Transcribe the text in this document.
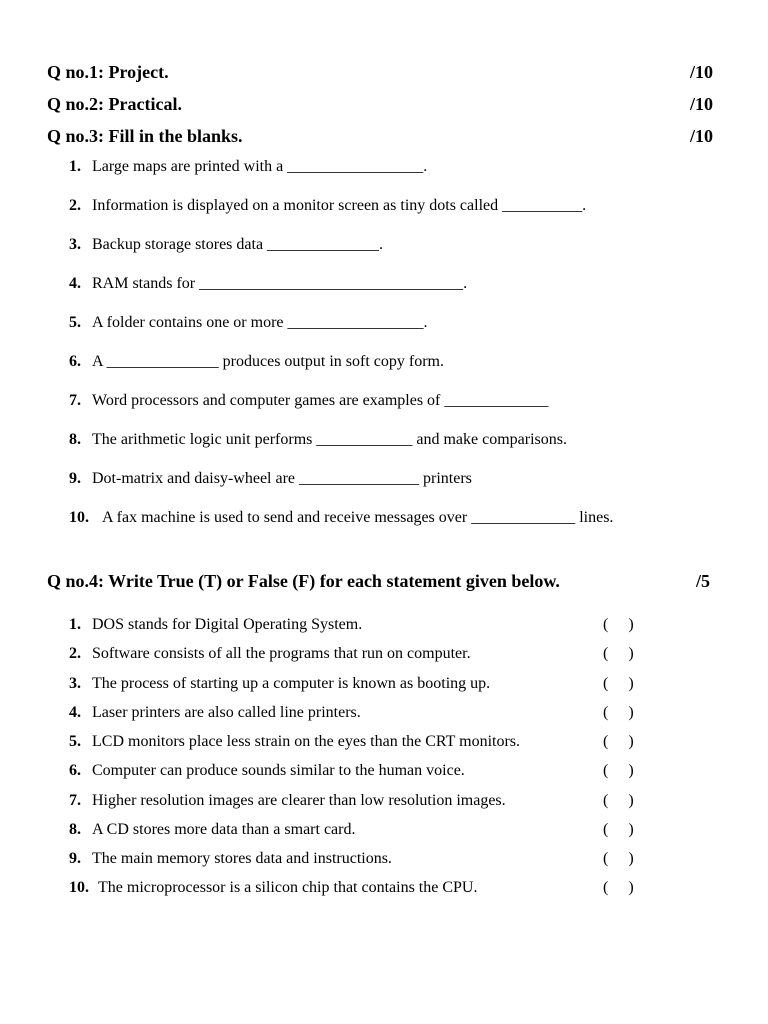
Q no.1: Project.	/10
Q no.2: Practical.	/10
Q no.3: Fill in the blanks.	/10
1. Large maps are printed with a _________________.
2. Information is displayed on a monitor screen as tiny dots called __________.
3. Backup storage stores data ______________.
4. RAM stands for _________________________________.
5. A folder contains one or more _________________.
6. A ______________ produces output in soft copy form.
7. Word processors and computer games are examples of _____________
8. The arithmetic logic unit performs ____________ and make comparisons.
9. Dot-matrix and daisy-wheel are _______________ printers
10. A fax machine is used to send and receive messages over _____________ lines.
Q no.4: Write True (T) or False (F) for each statement given below.	/5
1. DOS stands for Digital Operating System.	(     )
2. Software consists of all the programs that run on computer.	(     )
3. The process of starting up a computer is known as booting up.	(     )
4. Laser printers are also called line printers.	(     )
5. LCD monitors place less strain on the eyes than the CRT monitors.	(     )
6. Computer can produce sounds similar to the human voice.	(     )
7. Higher resolution images are clearer than low resolution images.	(     )
8. A CD stores more data than a smart card.	(     )
9. The main memory stores data and instructions.	(     )
10. The microprocessor is a silicon chip that contains the CPU.	(     )
